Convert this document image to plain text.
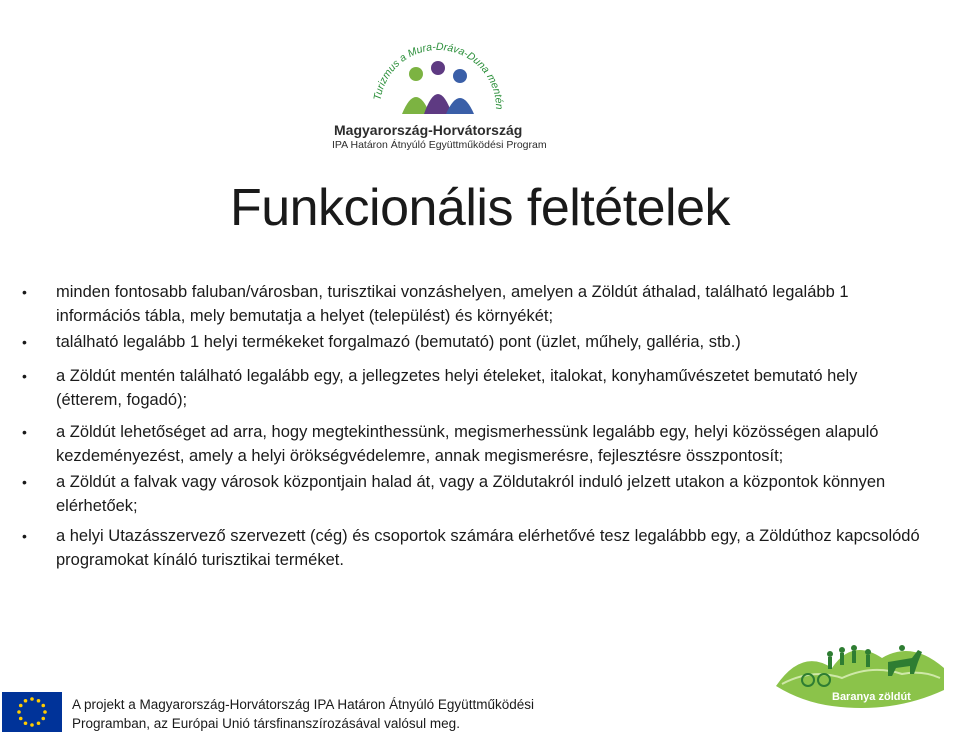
Turizmus a Mura-Dráva-Duna mentén
Magyarország-Horvátország
IPA Határon Átnyúló Együttműködési Program
Funkcionális feltételek
• minden fontosabb faluban/városban, turisztikai vonzáshelyen, amelyen a Zöldút áthalad, található legalább 1 információs tábla, mely bemutatja a helyet (települést) és környékét;
• található legalább 1 helyi termékeket forgalmazó (bemutató) pont (üzlet, műhely, galléria, stb.)
• a Zöldút mentén található legalább egy, a jellegzetes helyi ételeket, italokat, konyhaművészetet bemutató hely (étterem, fogadó);
• a Zöldút lehetőséget ad arra, hogy megtekinthessünk, megismerhessünk legalább egy, helyi közösségen alapuló kezdeményezést, amely a helyi örökségvédelemre, annak megismerésre, fejlesztésre összpontosít;
• a Zöldút a falvak vagy városok központjain halad át, vagy a Zöldutakról induló jelzett utakon a központok könnyen elérhetőek;
• a helyi Utazásszervező szervezett (cég) és csoportok számára elérhetővé tesz legalábbb egy, a Zöldúthoz kapcsolódó programokat kínáló turisztikai terméket.
A projekt a Magyarország-Horvátország IPA Határon Átnyúló Együttműködési
Programban, az Európai Unió társfinanszírozásával valósul meg.
Baranya zöldút
